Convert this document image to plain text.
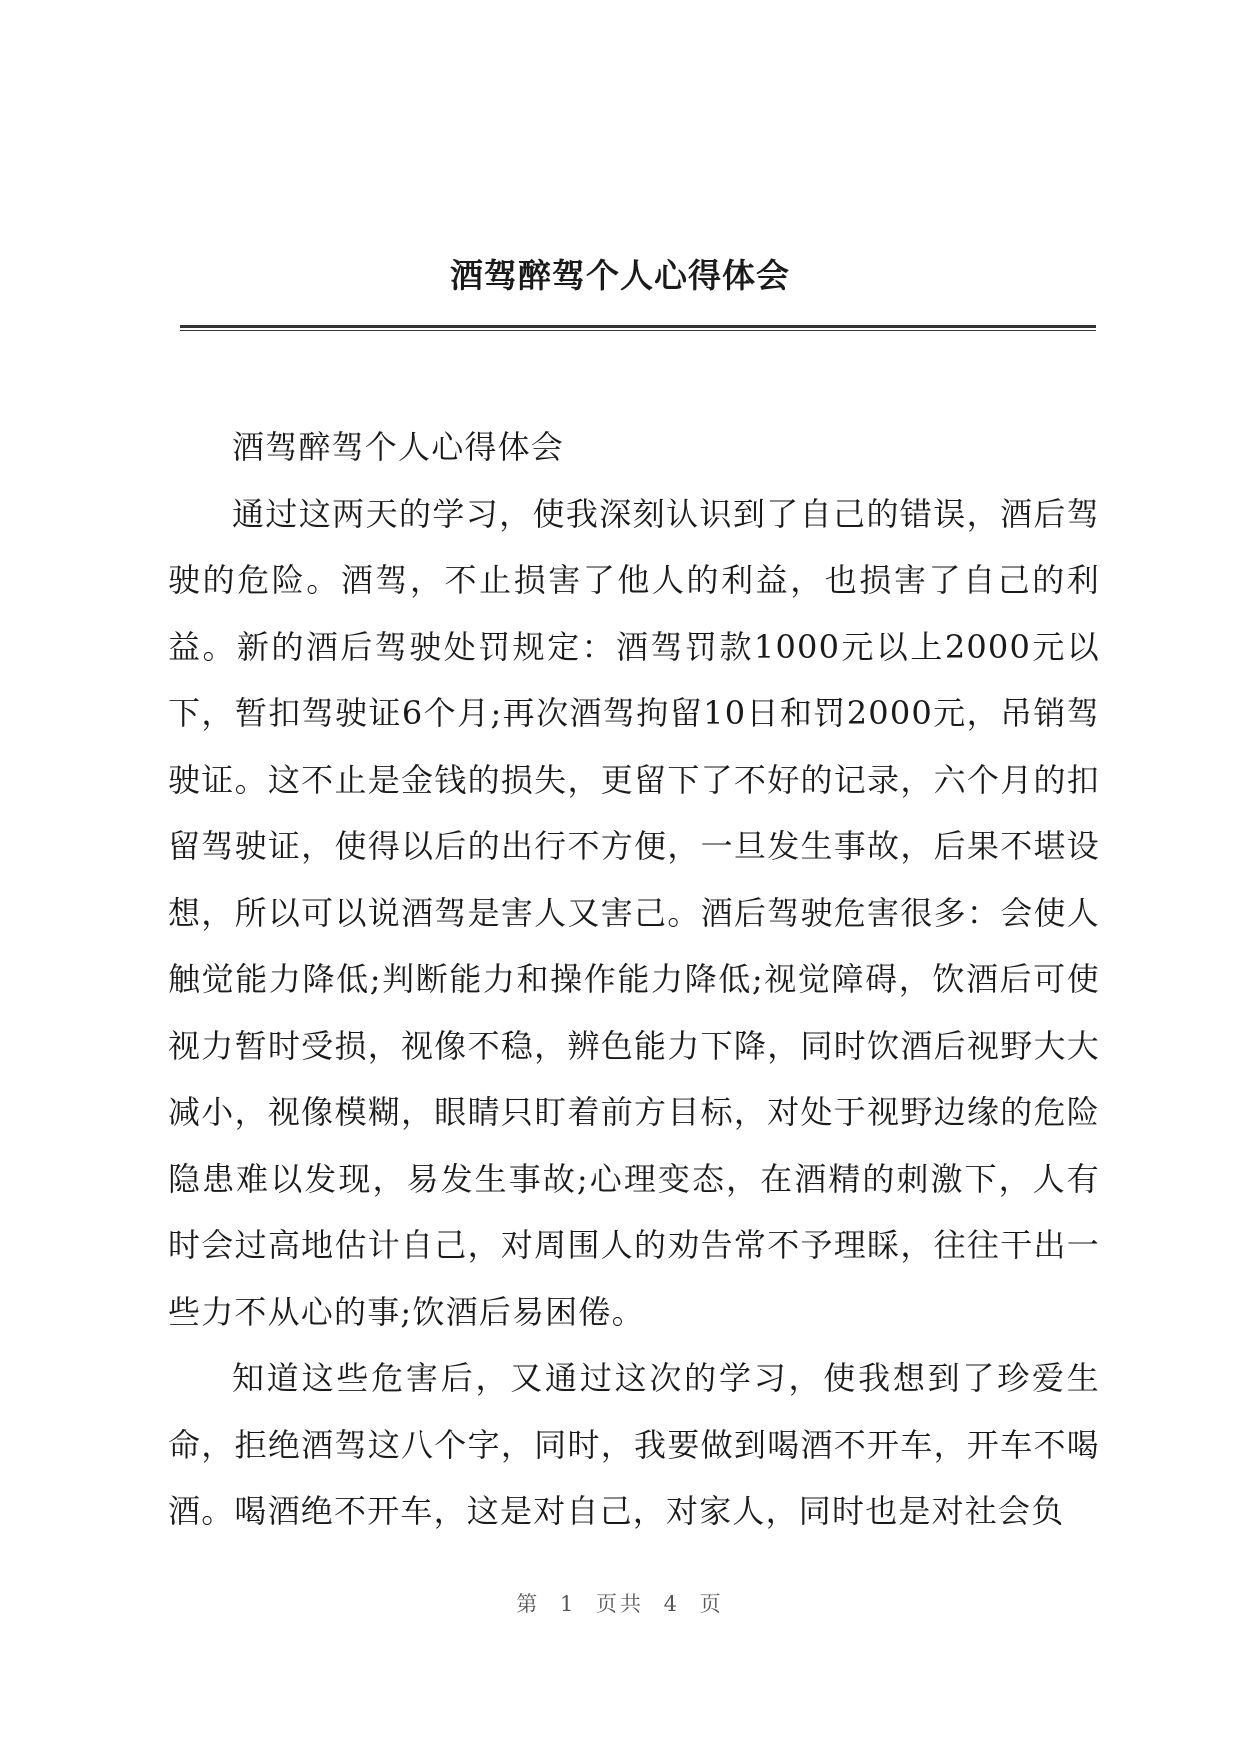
酒驾醉驾个人心得体会

酒驾醉驾个人心得体会

通过这两天的学习，使我深刻认识到了自己的错误，酒后驾驶的危险。酒驾，不止损害了他人的利益，也损害了自己的利益。新的酒后驾驶处罚规定：酒驾罚款1000元以上2000元以下，暂扣驾驶证6个月;再次酒驾拘留10日和罚2000元，吊销驾驶证。这不止是金钱的损失，更留下了不好的记录，六个月的扣留驾驶证，使得以后的出行不方便，一旦发生事故，后果不堪设想，所以可以说酒驾是害人又害己。酒后驾驶危害很多：会使人触觉能力降低;判断能力和操作能力降低;视觉障碍，饮酒后可使视力暂时受损，视像不稳，辨色能力下降，同时饮酒后视野大大减小，视像模糊，眼睛只盯着前方目标，对处于视野边缘的危险隐患难以发现，易发生事故;心理变态，在酒精的刺激下，人有时会过高地估计自己，对周围人的劝告常不予理睬，往往干出一些力不从心的事;饮酒后易困倦。

知道这些危害后，又通过这次的学习，使我想到了珍爱生命，拒绝酒驾这八个字，同时，我要做到喝酒不开车，开车不喝酒。喝酒绝不开车，这是对自己，对家人，同时也是对社会负

第 1 页共 4 页
